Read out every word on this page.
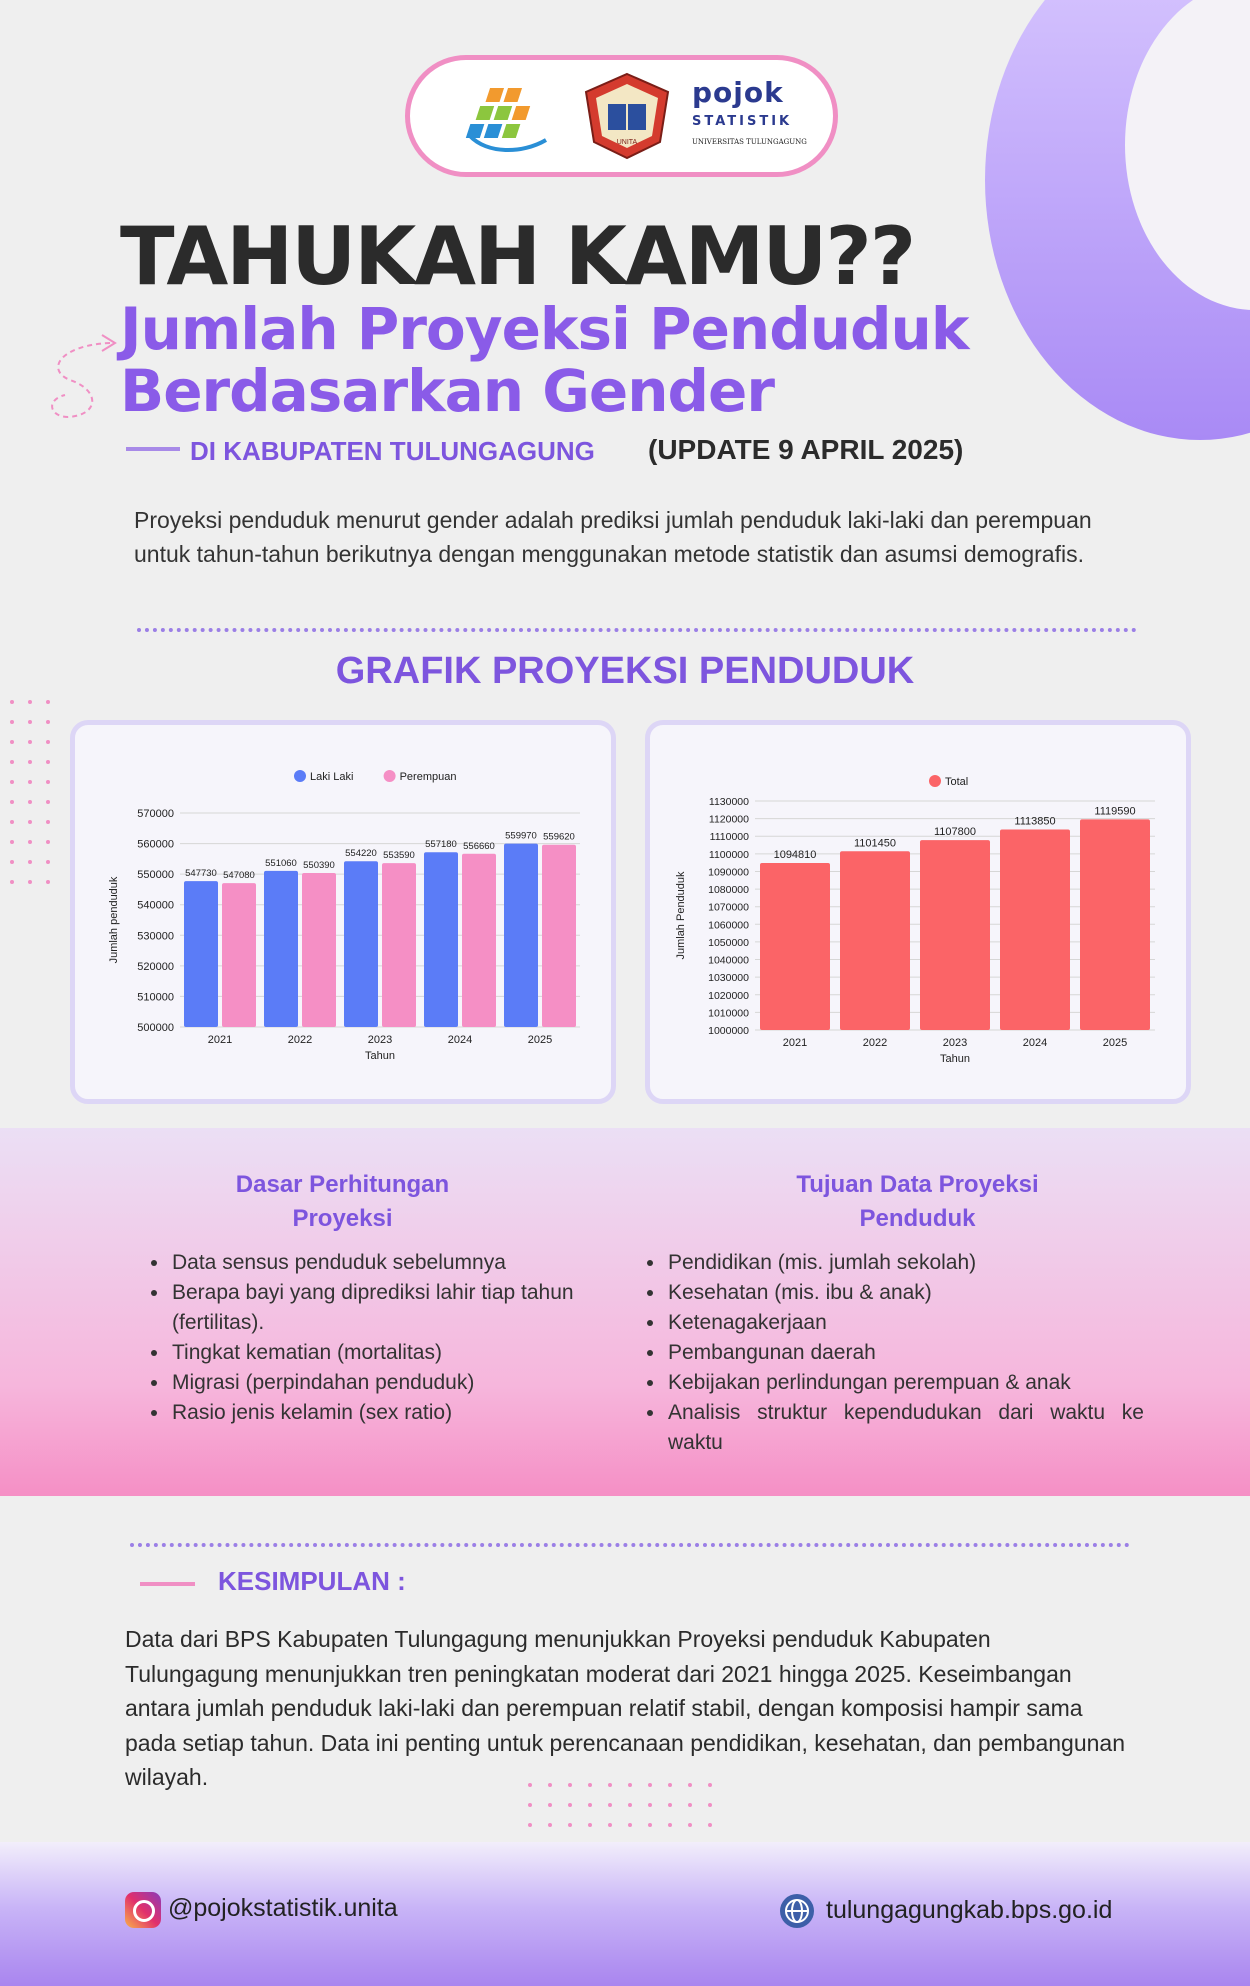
UNITA
pojok
STATISTIK
UNIVERSITAS TULUNGAGUNG
TAHUKAH KAMU??
Jumlah Proyeksi Penduduk
Berdasarkan Gender
DI KABUPATEN TULUNGAGUNG (UPDATE 9 APRIL 2025)
Proyeksi penduduk menurut gender adalah prediksi jumlah penduduk laki-laki dan perempuan untuk tahun-tahun berikutnya dengan menggunakan metode statistik dan asumsi demografis.
GRAFIK PROYEKSI PENDUDUK
570000
560000
550000
540000
530000
520000
510000
500000
Laki Laki	Perempuan
547730 547080
2021
551060 550390
2022
554220 553590
2023
557180 556660
2024
559970 559620
2025
Tahun
Jumlah penduduk
1130000
1120000
1110000
1100000
1090000
1080000
1070000
1060000
1050000
1040000
1030000
1020000
1010000
1000000
Total
1094810
2021
1101450
2022
1107800
2023
1113850
2024
1119590
2025
Tahun
Jumlah Penduduk
Dasar Perhitungan
Proyeksi
• Data sensus penduduk sebelumnya
• Berapa bayi yang diprediksi lahir tiap tahun (fertilitas).
• Tingkat kematian (mortalitas)
• Migrasi (perpindahan penduduk)
• Rasio jenis kelamin (sex ratio)
Tujuan Data Proyeksi
Penduduk
• Pendidikan (mis. jumlah sekolah)
• Kesehatan (mis. ibu & anak)
• Ketenagakerjaan
• Pembangunan daerah
• Kebijakan perlindungan perempuan & anak
• Analisis struktur kependudukan dari waktu ke waktu
KESIMPULAN :
Data dari BPS Kabupaten Tulungagung menunjukkan Proyeksi penduduk Kabupaten Tulungagung menunjukkan tren peningkatan moderat dari 2021 hingga 2025. Keseimbangan antara jumlah penduduk laki-laki dan perempuan relatif stabil, dengan komposisi hampir sama pada setiap tahun. Data ini penting untuk perencanaan pendidikan, kesehatan, dan pembangunan wilayah.
@pojokstatistik.unita	tulungagungkab.bps.go.id
